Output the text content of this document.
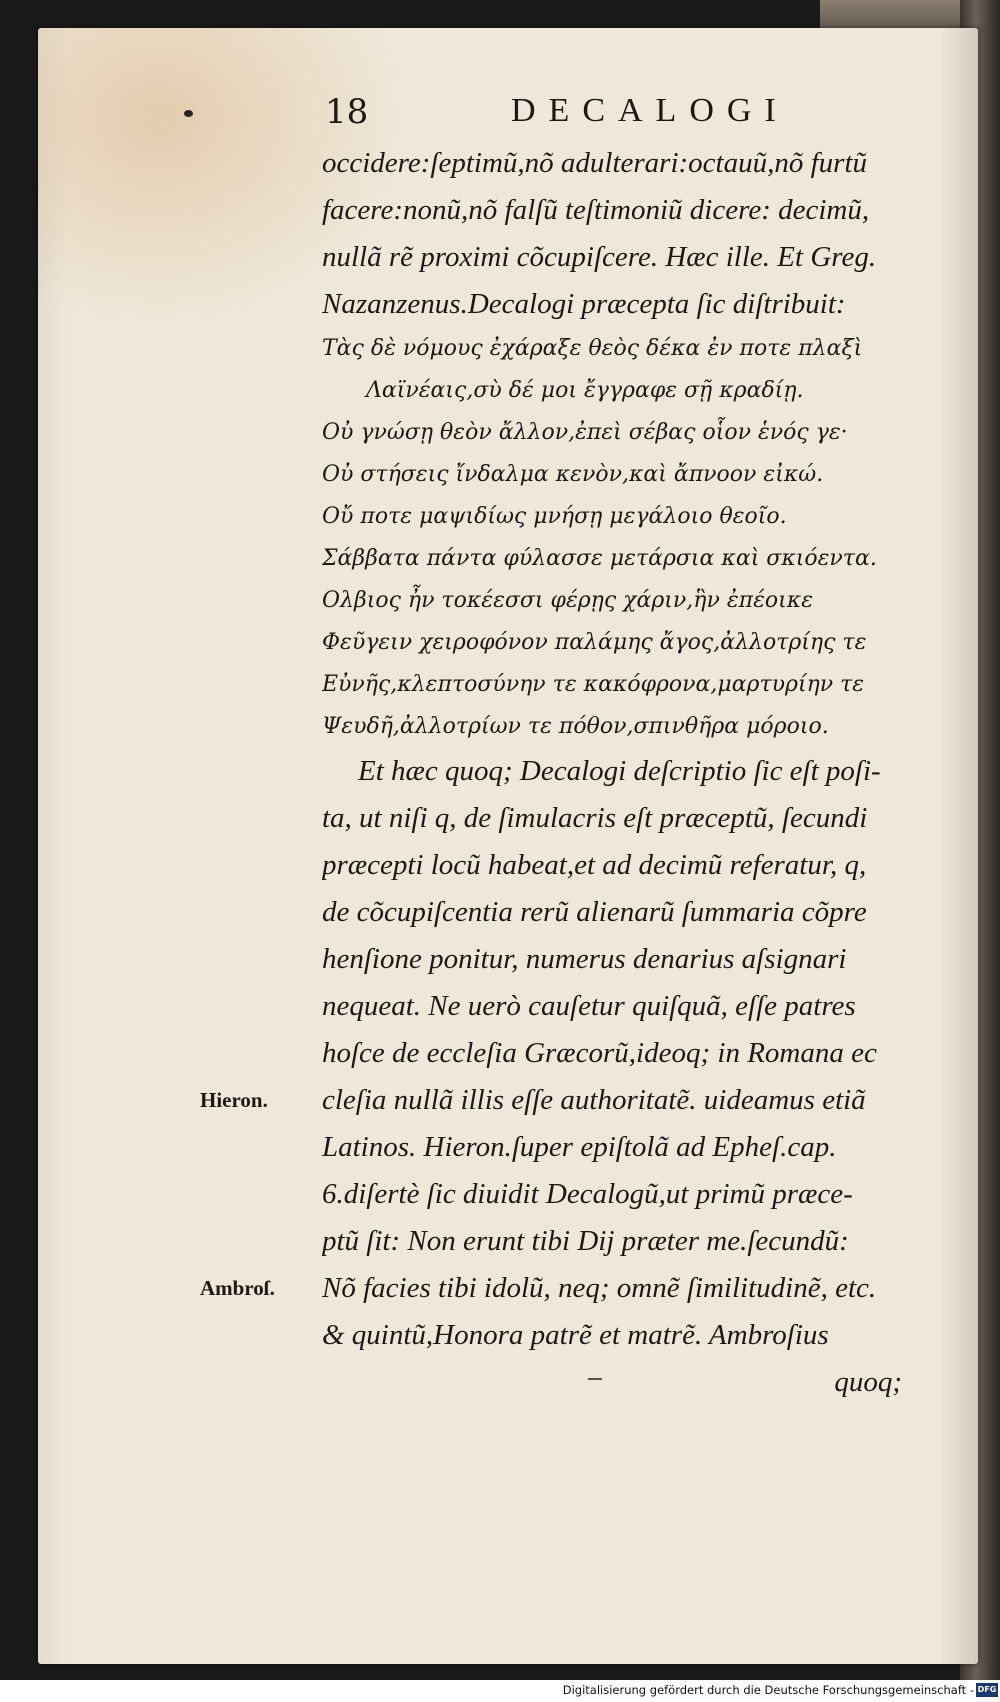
18	DECALOGI
occidere:ſeptimũ,nõ adulterari:octauũ,nõ furtũ
facere:nonũ,nõ falſũ teſtimoniũ dicere: decimũ,
nullã rẽ proximi cõcupiſcere. Hæc ille. Et Greg.
Nazanzenus.Decalogi præcepta ſic diſtribuit:
Τὰς δὲ νόμους ἐχάραξε θεὸς δέκα ἐν ποτε πλαξὶ
Λαϊνέαις,σὺ δέ μοι ἔγγραφε σῇ κραδίῃ.
Οὐ γνώσῃ θεὸν ἄλλον,ἐπεὶ σέβας οἷον ἑνός γε·
Οὐ στήσεις ἴνδαλμα κενὸν,καὶ ἄπνοον εἰκώ.
Οὔ ποτε μαψιδίως μνήσῃ μεγάλοιο θεοῖο.
Σάββατα πάντα φύλασσε μετάρσια καὶ σκιόεντα.
Ολβιος ἦν τοκέεσσι φέρῃς χάριν,ἣν ἐπέοικε
Φεῦγειν χειροφόνον παλάμης ἄγος,ἀλλοτρίης τε
Εὐνῆς,κλεπτοσύνην τε κακόφρονα,μαρτυρίην τε
Ψευδῆ,ἀλλοτρίων τε πόθον,σπινθῆρα μόροιο.
Et hæc quoq; Decalogi deſcriptio ſic eſt poſi-
ta, ut niſi q, de ſimulacris eſt præceptũ, ſecundi
præcepti locũ habeat,et ad decimũ referatur, q,
de cõcupiſcentia rerũ alienarũ ſummaria cõpre
henſione ponitur, numerus denarius aſsignari
nequeat. Ne uerò cauſetur quiſquã, eſſe patres
hoſce de eccleſia Græcorũ,ideoq; in Romana ec
cleſia nullã illis eſſe authoritatẽ. uideamus etiã
Latinos. Hieron.ſuper epiſtolã ad Epheſ.cap.
6.diſertè ſic diuidit Decalogũ,ut primũ præce-
ptũ ſit: Non erunt tibi Dij præter me.ſecundũ:
Nõ facies tibi idolũ, neq; omnẽ ſimilitudinẽ, etc.
& quintũ,Honora patrẽ et matrẽ. Ambroſius
quoq;
Hieron.
Ambroſ.
Digitalisierung gefördert durch die Deutsche Forschungsgemeinschaft - DFG
